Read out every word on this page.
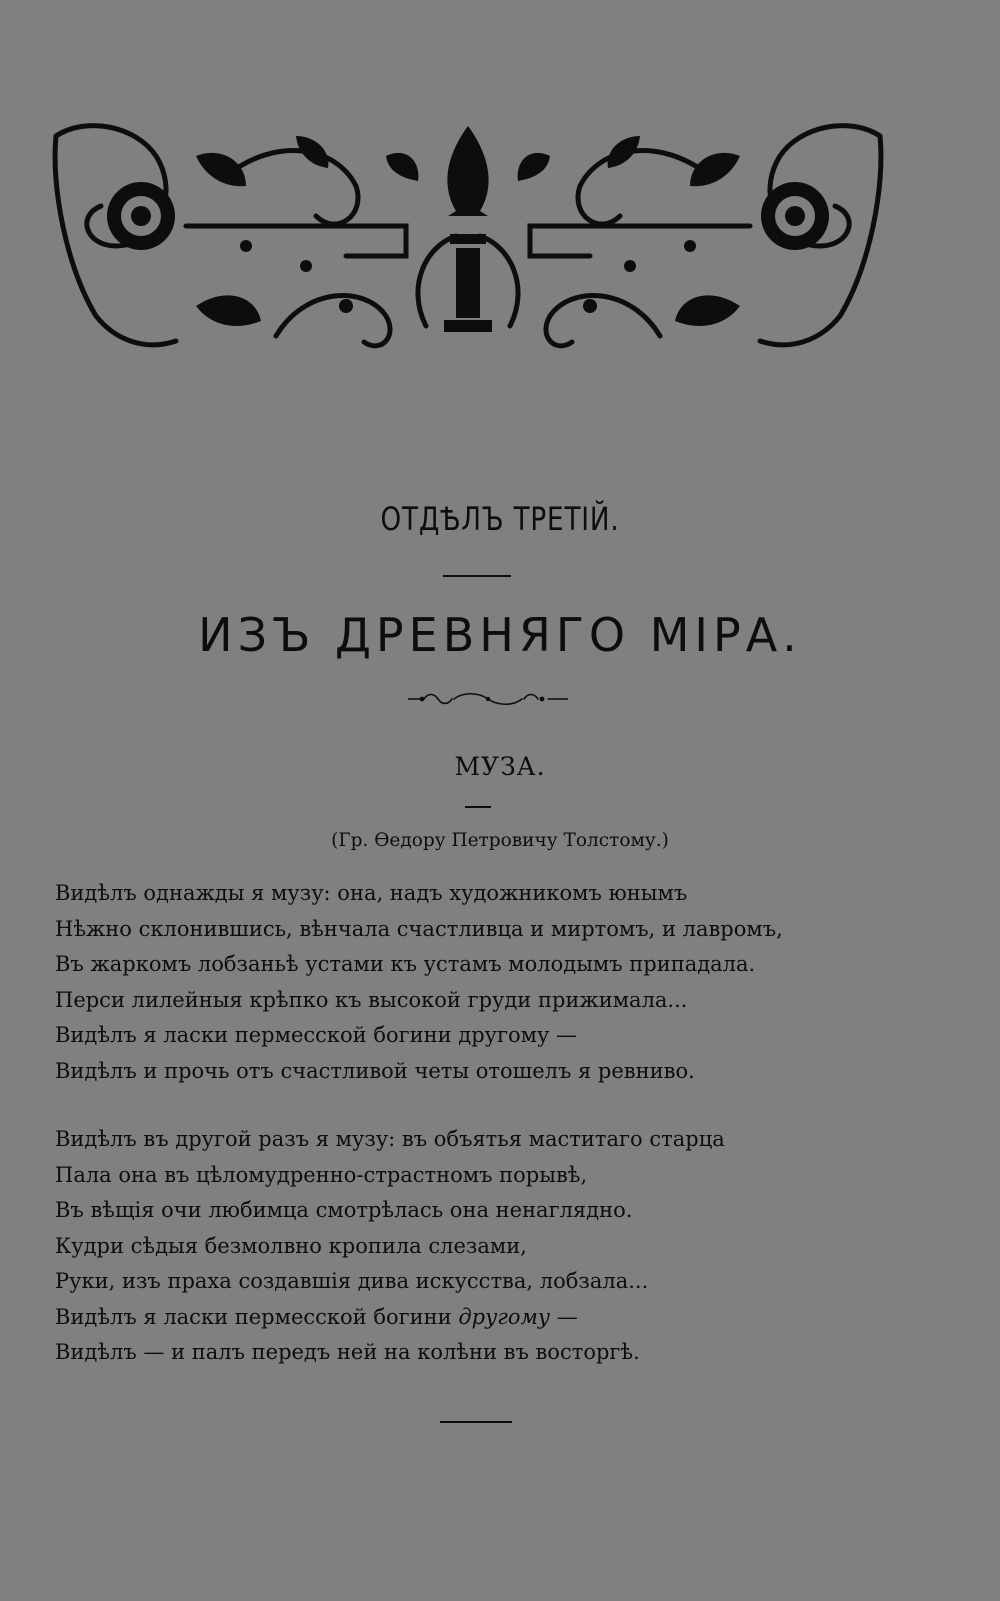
ОТДѢЛЪ ТРЕТІЙ.
ИЗЪ ДРЕВНЯГО МІРА.
МУЗА.
(Гр. Өедору Петровичу Толстому.)
Видѣлъ однажды я музу: она, надъ художникомъ юнымъ
Нѣжно склонившись, вѣнчала счастливца и миртомъ, и лавромъ,
Въ жаркомъ лобзаньѣ устами къ устамъ молодымъ припадала.
Перси лилейныя крѣпко къ высокой груди прижимала...
Видѣлъ я ласки пермесской богини другому —
Видѣлъ и прочь отъ счастливой четы отошелъ я ревниво.
Видѣлъ въ другой разъ я музу: въ объятья маститаго старца
Пала она въ цѣломудренно-страстномъ порывѣ,
Въ вѣщія очи любимца смотрѣлась она ненаглядно.
Кудри сѣдыя безмолвно кропила слезами,
Руки, изъ праха создавшія дива искусства, лобзала...
Видѣлъ я ласки пермесской богини другому —
Видѣлъ — и палъ передъ ней на колѣни въ восторгѣ.
